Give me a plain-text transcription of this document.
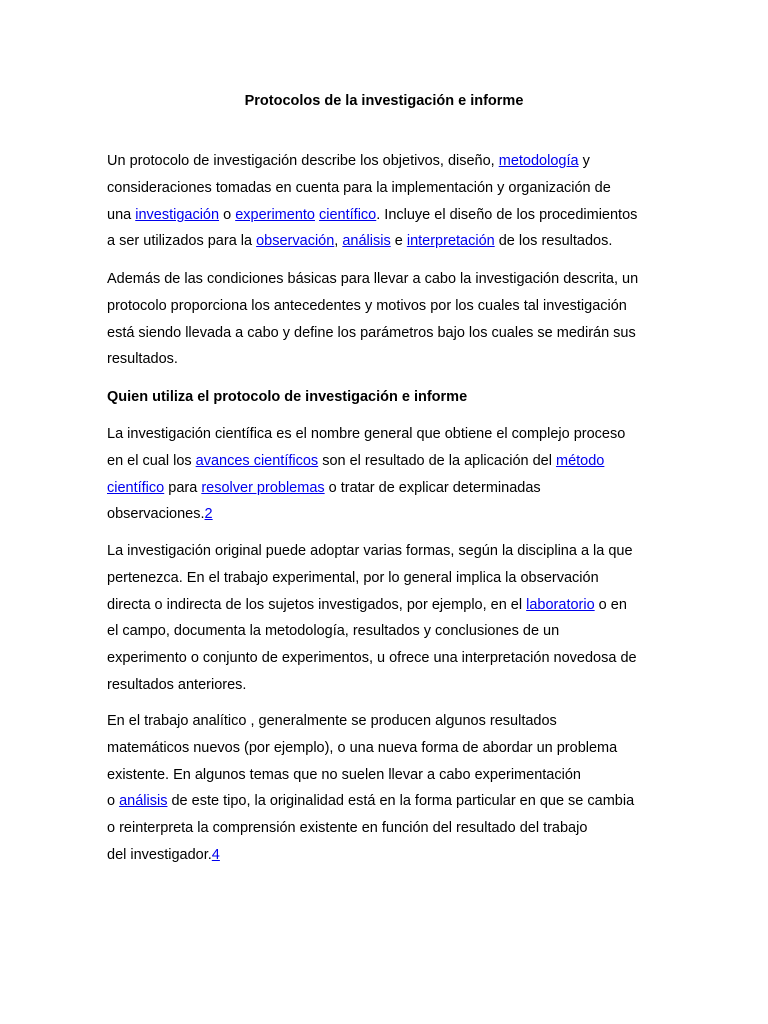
Protocolos de la investigación e informe
Un protocolo de investigación describe los objetivos, diseño, metodología y
consideraciones tomadas en cuenta para la implementación y organización de
una investigación o experimento científico. Incluye el diseño de los procedimientos
a ser utilizados para la observación, análisis e interpretación de los resultados.
Además de las condiciones básicas para llevar a cabo la investigación descrita, un
protocolo proporciona los antecedentes y motivos por los cuales tal investigación
está siendo llevada a cabo y define los parámetros bajo los cuales se medirán sus
resultados.
Quien utiliza el protocolo de investigación e informe
La investigación científica es el nombre general que obtiene el complejo proceso
en el cual los avances científicos son el resultado de la aplicación del método
científico para resolver problemas o tratar de explicar determinadas
observaciones.2
La investigación original puede adoptar varias formas, según la disciplina a la que
pertenezca. En el trabajo experimental, por lo general implica la observación
directa o indirecta de los sujetos investigados, por ejemplo, en el laboratorio o en
el campo, documenta la metodología, resultados y conclusiones de un
experimento o conjunto de experimentos, u ofrece una interpretación novedosa de
resultados anteriores.
En el trabajo analítico , generalmente se producen algunos resultados
matemáticos nuevos (por ejemplo), o una nueva forma de abordar un problema
existente. En algunos temas que no suelen llevar a cabo experimentación
o análisis de este tipo, la originalidad está en la forma particular en que se cambia
o reinterpreta la comprensión existente en función del resultado del trabajo
del investigador.4
